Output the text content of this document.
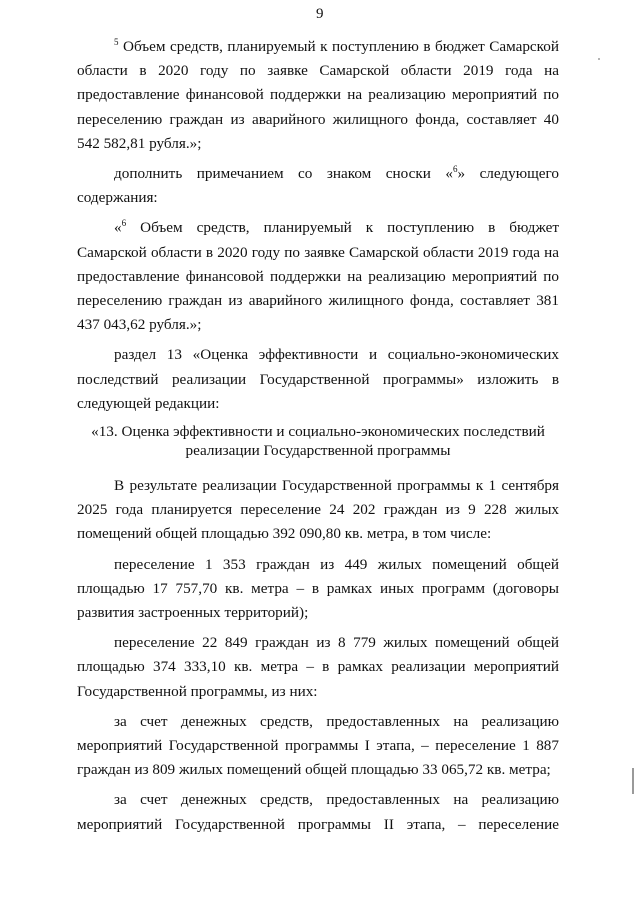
9

$^5$ Объем средств, планируемый к поступлению в бюджет Самарской области в 2020 году по заявке Самарской области 2019 года на предоставление финансовой поддержки на реализацию мероприятий по переселению граждан из аварийного жилищного фонда, составляет 40 542 582,81 рубля.»;

дополнить примечанием со знаком сноски «$^6$» следующего содержания:

«$^6$ Объем средств, планируемый к поступлению в бюджет Самарской области в 2020 году по заявке Самарской области 2019 года на предоставление финансовой поддержки на реализацию мероприятий по переселению граждан из аварийного жилищного фонда, составляет 381 437 043,62 рубля.»;

раздел 13 «Оценка эффективности и социально-экономических последствий реализации Государственной программы» изложить в следующей редакции:

«13. Оценка эффективности и социально-экономических последствий
реализации Государственной программы

В результате реализации Государственной программы к 1 сентября 2025 года планируется переселение 24 202 граждан из 9 228 жилых помещений общей площадью 392 090,80 кв. метра, в том числе:

переселение 1 353 граждан из 449 жилых помещений общей площадью 17 757,70 кв. метра – в рамках иных программ (договоры развития застроенных территорий);

переселение 22 849 граждан из 8 779 жилых помещений общей площадью 374 333,10 кв. метра – в рамках реализации мероприятий Государственной программы, из них:

за счет денежных средств, предоставленных на реализацию мероприятий Государственной программы I этапа, – переселение 1 887 граждан из 809 жилых помещений общей площадью 33 065,72 кв. метра;

за счет денежных средств, предоставленных на реализацию мероприятий Государственной программы II этапа, – переселение
